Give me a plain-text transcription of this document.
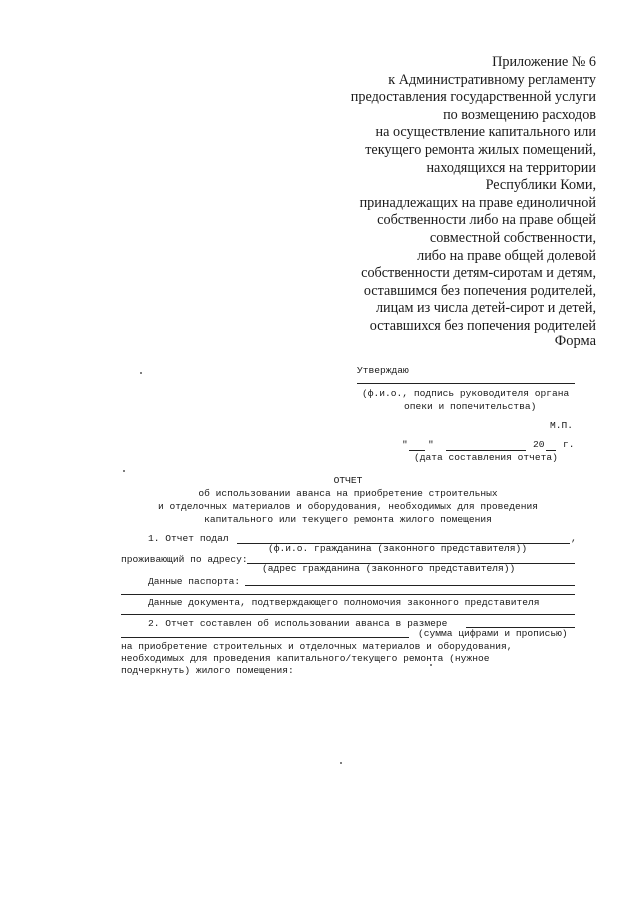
Приложение № 6
к Административному регламенту
предоставления государственной услуги
по возмещению расходов
на осуществление капитального или
текущего ремонта жилых помещений,
находящихся на территории
Республики Коми,
принадлежащих на праве единоличной
собственности либо на праве общей
совместной собственности,
либо на праве общей долевой
собственности детям-сиротам и детям,
оставшимся без попечения родителей,
лицам из числа детей-сирот и детей,
оставшихся без попечения родителей
Форма
Утверждаю
(ф.и.о., подпись руководителя органа
опеки и попечительства)
М.П.
" "	20 г.
(дата составления отчета)
ОТЧЕТ
об использовании аванса на приобретение строительных
и отделочных материалов и оборудования, необходимых для проведения
капитального или текущего ремонта жилого помещения
1. Отчет подал	,
(ф.и.о. гражданина (законного представителя))
проживающий по адресу:
(адрес гражданина (законного представителя))
Данные паспорта:
Данные документа, подтверждающего полномочия законного представителя
2. Отчет составлен об использовании аванса в размере
(сумма цифрами и прописью)
на приобретение строительных и отделочных материалов и оборудования,
необходимых для проведения капитального/текущего ремонта (нужное
подчеркнуть) жилого помещения:
